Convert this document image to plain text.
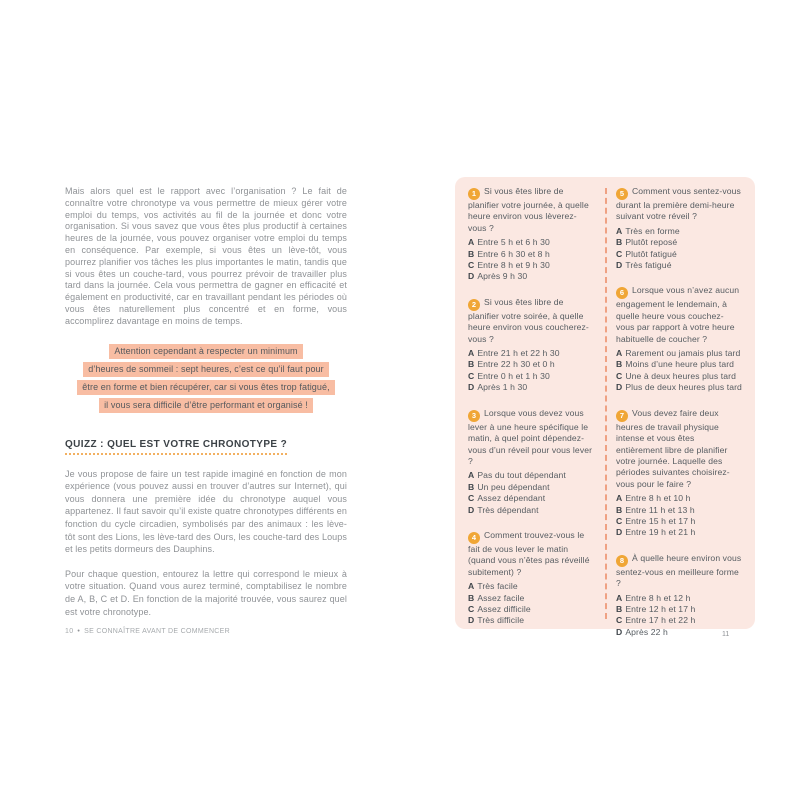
Mais alors quel est le rapport avec l’organisation ? Le fait de connaître votre chronotype va vous permettre de mieux gérer votre emploi du temps, vos activités au fil de la journée et donc votre organisation. Si vous savez que vous êtes plus productif à certaines heures de la journée, vous pouvez organiser votre emploi du temps en conséquence. Par exemple, si vous êtes un lève-tôt, vous pourrez planifier vos tâches les plus importantes le matin, tandis que si vous êtes un couche-tard, vous pourrez prévoir de travailler plus tard dans la journée. Cela vous permettra de gagner en efficacité et également en productivité, car en travaillant pendant les périodes où vous êtes naturellement plus concentré et en forme, vous accomplirez davantage en moins de temps.

Attention cependant à respecter un minimum
d’heures de sommeil : sept heures, c’est ce qu’il faut pour
être en forme et bien récupérer, car si vous êtes trop fatigué,
il vous sera difficile d’être performant et organisé !
QUIZZ : QUEL EST VOTRE CHRONOTYPE ?

Je vous propose de faire un test rapide imaginé en fonction de mon expérience (vous pouvez aussi en trouver d’autres sur Internet), qui vous donnera une première idée du chronotype auquel vous appartenez. Il faut savoir qu’il existe quatre chronotypes différents en fonction du cycle circadien, symbolisés par des animaux : les lève-tôt sont des Lions, les lève-tard des Ours, les couche-tard des Loups et les petits dormeurs des Dauphins.

Pour chaque question, entourez la lettre qui correspond le mieux à votre situation. Quand vous aurez terminé, comptabilisez le nombre de A, B, C et D. En fonction de la majorité trouvée, vous saurez quel est votre chronotype.

10 • SE CONNAÎTRE AVANT DE COMMENCER

1 Si vous êtes libre de planifier votre journée, à quelle heure environ vous lèverez-vous ?

A Entre 5 h et 6 h 30

B Entre 6 h 30 et 8 h

C Entre 8 h et 9 h 30

D Après 9 h 30

2 Si vous êtes libre de planifier votre soirée, à quelle heure environ vous coucherez-vous ?

A Entre 21 h et 22 h 30

B Entre 22 h 30 et 0 h

C Entre 0 h et 1 h 30

D Après 1 h 30

3 Lorsque vous devez vous lever à une heure spécifique le matin, à quel point dépendez-vous d’un réveil pour vous lever ?

A Pas du tout dépendant

B Un peu dépendant

C Assez dépendant

D Très dépendant

4 Comment trouvez-vous le fait de vous lever le matin (quand vous n’êtes pas réveillé subitement) ?

A Très facile

B Assez facile

C Assez difficile

D Très difficile

5 Comment vous sentez-vous durant la première demi-heure suivant votre réveil ?

A Très en forme

B Plutôt reposé

C Plutôt fatigué

D Très fatigué

6 Lorsque vous n’avez aucun engagement le lendemain, à quelle heure vous couchez-vous par rapport à votre heure habituelle de coucher ?

A Rarement ou jamais plus tard

B Moins d’une heure plus tard

C Une à deux heures plus tard

D Plus de deux heures plus tard

7 Vous devez faire deux heures de travail physique intense et vous êtes entièrement libre de planifier votre journée. Laquelle des périodes suivantes choisirez-vous pour le faire ?

A Entre 8 h et 10 h

B Entre 11 h et 13 h

C Entre 15 h et 17 h

D Entre 19 h et 21 h

8 À quelle heure environ vous sentez-vous en meilleure forme ?

A Entre 8 h et 12 h

B Entre 12 h et 17 h

C Entre 17 h et 22 h

D Après 22 h	11
